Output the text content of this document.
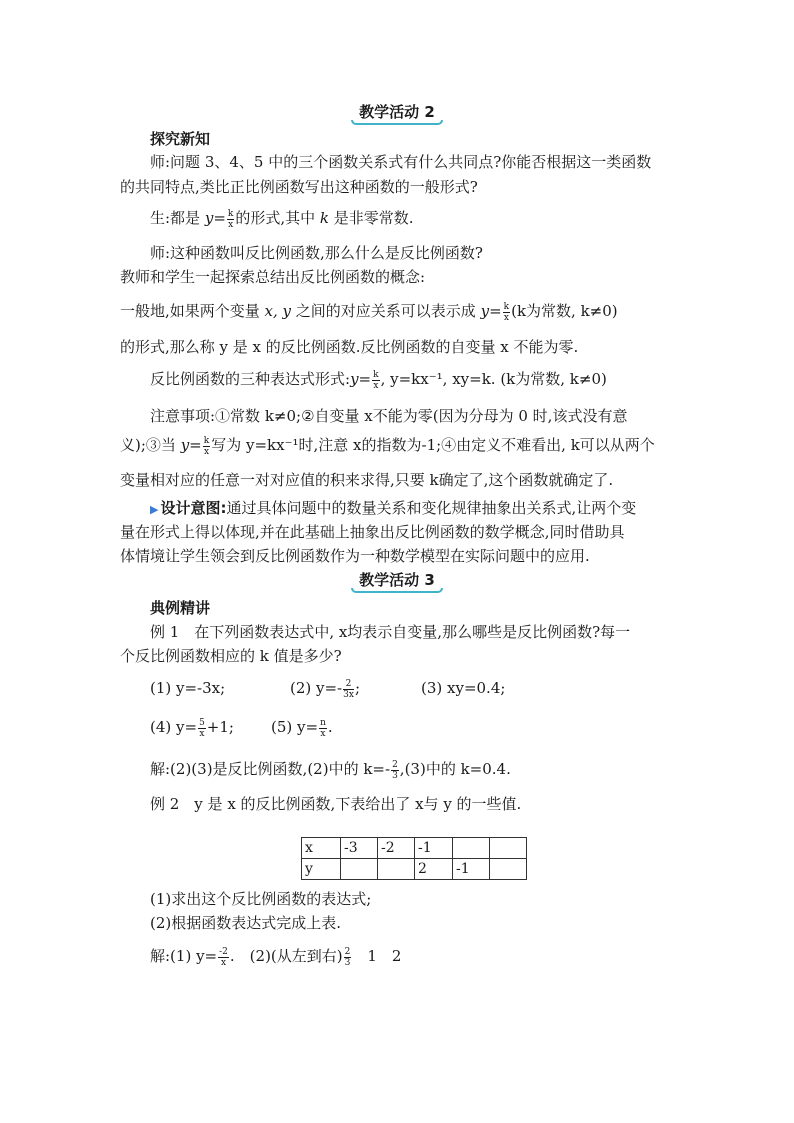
教学活动 2
探究新知
师:问题 3、4、5 中的三个函数关系式有什么共同点?你能否根据这一类函数
的共同特点,类比正比例函数写出这种函数的一般形式?
生:都是 $y= \frac{k}{x}$ 的形式,其中 k 是非零常数.
师:这种函数叫反比例函数,那么什么是反比例函数?
教师和学生一起探索总结出反比例函数的概念:
一般地,如果两个变量 x, y 之间的对应关系可以表示成 $y= \frac{k}{x} (k$为常数, k≠0)
的形式,那么称 y 是 x 的反比例函数.反比例函数的自变量 x 不能为零.
反比例函数的三种表达式形式:y= $\frac{k}{x}$ , y=kx⁻¹, xy=k. (k为常数, k≠0)
注意事项:①常数 k≠0;②自变量 x不能为零(因为分母为 0 时,该式没有意
义);③当 $y= \frac{k}{x}$ 写为 y=kx⁻¹时,注意 x的指数为-1;④由定义不难看出, k可以从两个
变量相对应的任意一对对应值的积来求得,只要 k确定了,这个函数就确定了.
▶ 设计意图:通过具体问题中的数量关系和变化规律抽象出关系式,让两个变
量在形式上得以体现,并在此基础上抽象出反比例函数的数学概念,同时借助具
体情境让学生领会到反比例函数作为一种数学模型在实际问题中的应用.
教学活动 3
典例精讲
例 1　在下列函数表达式中, x均表示自变量,那么哪些是反比例函数?每一
个反比例函数相应的 k 值是多少?
(1) y=-3x;	(2) $y=- \frac{2}{3x}$ ;	(3) xy=0.4;
(4) $y= \frac{5}{x} +1$; (5) $y= \frac{n}{x}$ .
解:(2)(3)是反比例函数,(2)中的 $k=- \frac{2}{3} ,(3)$中的 k=0.4.
例 2　y 是 x 的反比例函数,下表给出了 x与 y 的一些值.
x	-3	-2	-1		
y			2	-1	
(1)求出这个反比例函数的表达式;
(2)根据函数表达式完成上表.
解:(1) $y= \frac{-2}{x}$ .　(2)(从左到右) $\frac{2}{3}$ 　1　2
